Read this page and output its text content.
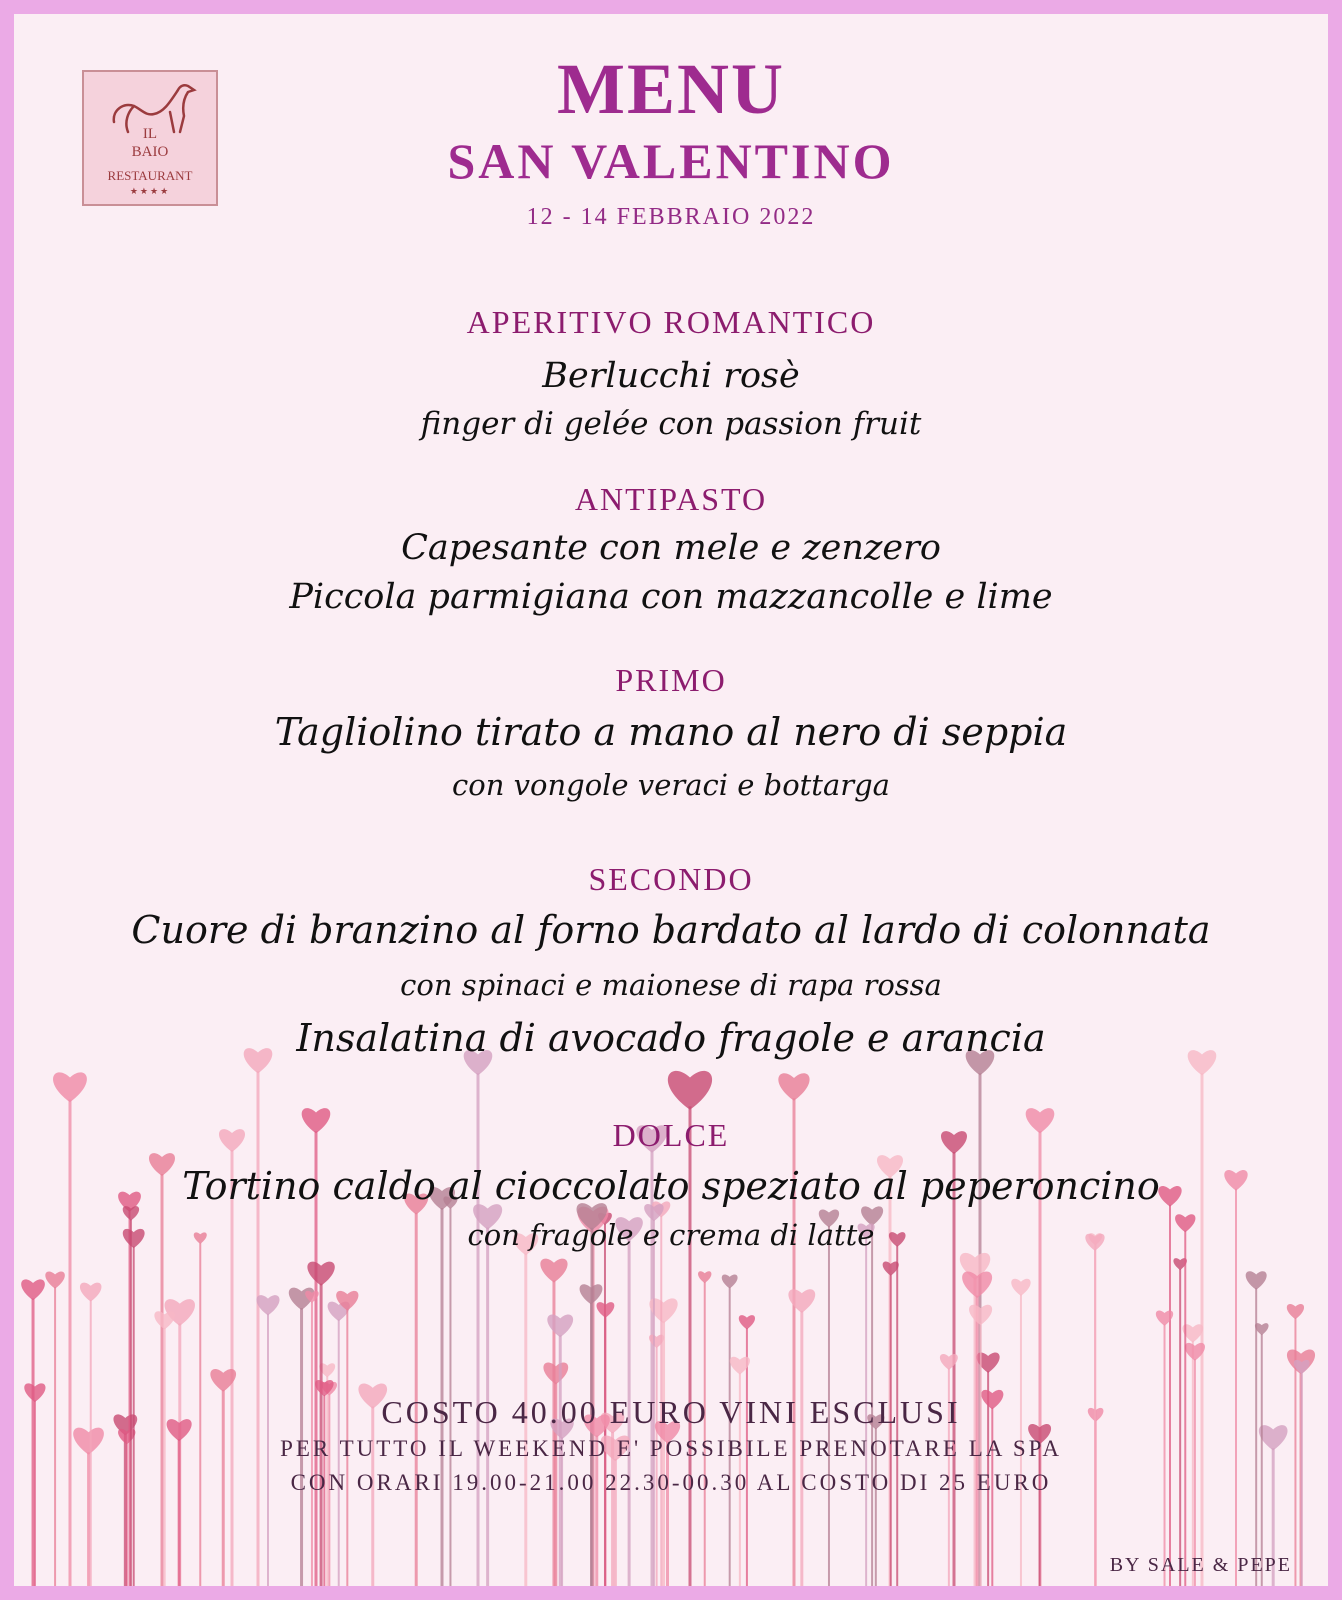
IL
BAIO
RESTAURANT
★★★★
MENU
SAN VALENTINO

12 - 14 FEBBRAIO 2022

APERITIVO ROMANTICO

Berlucchi rosè

finger di gelée con passion fruit

ANTIPASTO

Capesante con mele e zenzero

Piccola parmigiana con mazzancolle e lime

PRIMO

Tagliolino tirato a mano al nero di seppia

con vongole veraci e bottarga

SECONDO

Cuore di branzino al forno bardato al lardo di colonnata

con spinaci e maionese di rapa rossa

Insalatina di avocado fragole e arancia

DOLCE

Tortino caldo al cioccolato speziato al peperoncino

con fragole e crema di latte

COSTO 40.00 EURO VINI ESCLUSI

PER TUTTO IL WEEKEND E' POSSIBILE PRENOTARE LA SPA

CON ORARI 19.00-21.00 22.30-00.30 AL COSTO DI 25 EURO

BY SALE & PEPE
